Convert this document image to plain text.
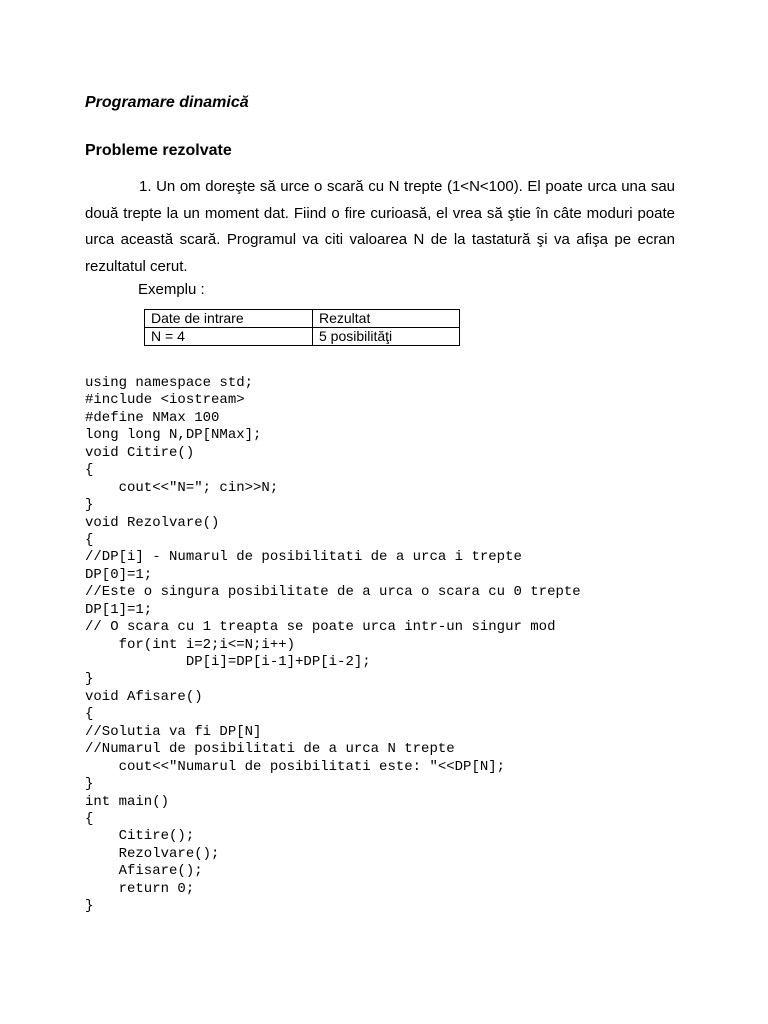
Programare dinamică
Probleme rezolvate
1. Un om doreşte să urce o scară cu N trepte (1<N<100). El poate urca una sau două trepte la un moment dat. Fiind o fire curioasă, el vrea să ştie în câte moduri poate urca această scară. Programul va citi valoarea N de la tastatură şi va afişa pe ecran rezultatul cerut.
Exemplu :
Date de intrare	Rezultat
N = 4	5 posibilităţi
using namespace std;
#include <iostream>
#define NMax 100
long long N,DP[NMax];
void Citire()
{
cout<<"N="; cin>>N;
}
void Rezolvare()
{
//DP[i] - Numarul de posibilitati de a urca i trepte
DP[0]=1;
//Este o singura posibilitate de a urca o scara cu 0 trepte
DP[1]=1;
// O scara cu 1 treapta se poate urca intr-un singur mod
for(int i=2;i<=N;i++)
DP[i]=DP[i-1]+DP[i-2];
}
void Afisare()
{
//Solutia va fi DP[N]
//Numarul de posibilitati de a urca N trepte
cout<<"Numarul de posibilitati este: "<<DP[N];
}
int main()
{
Citire();
Rezolvare();
Afisare();
return 0;
}
